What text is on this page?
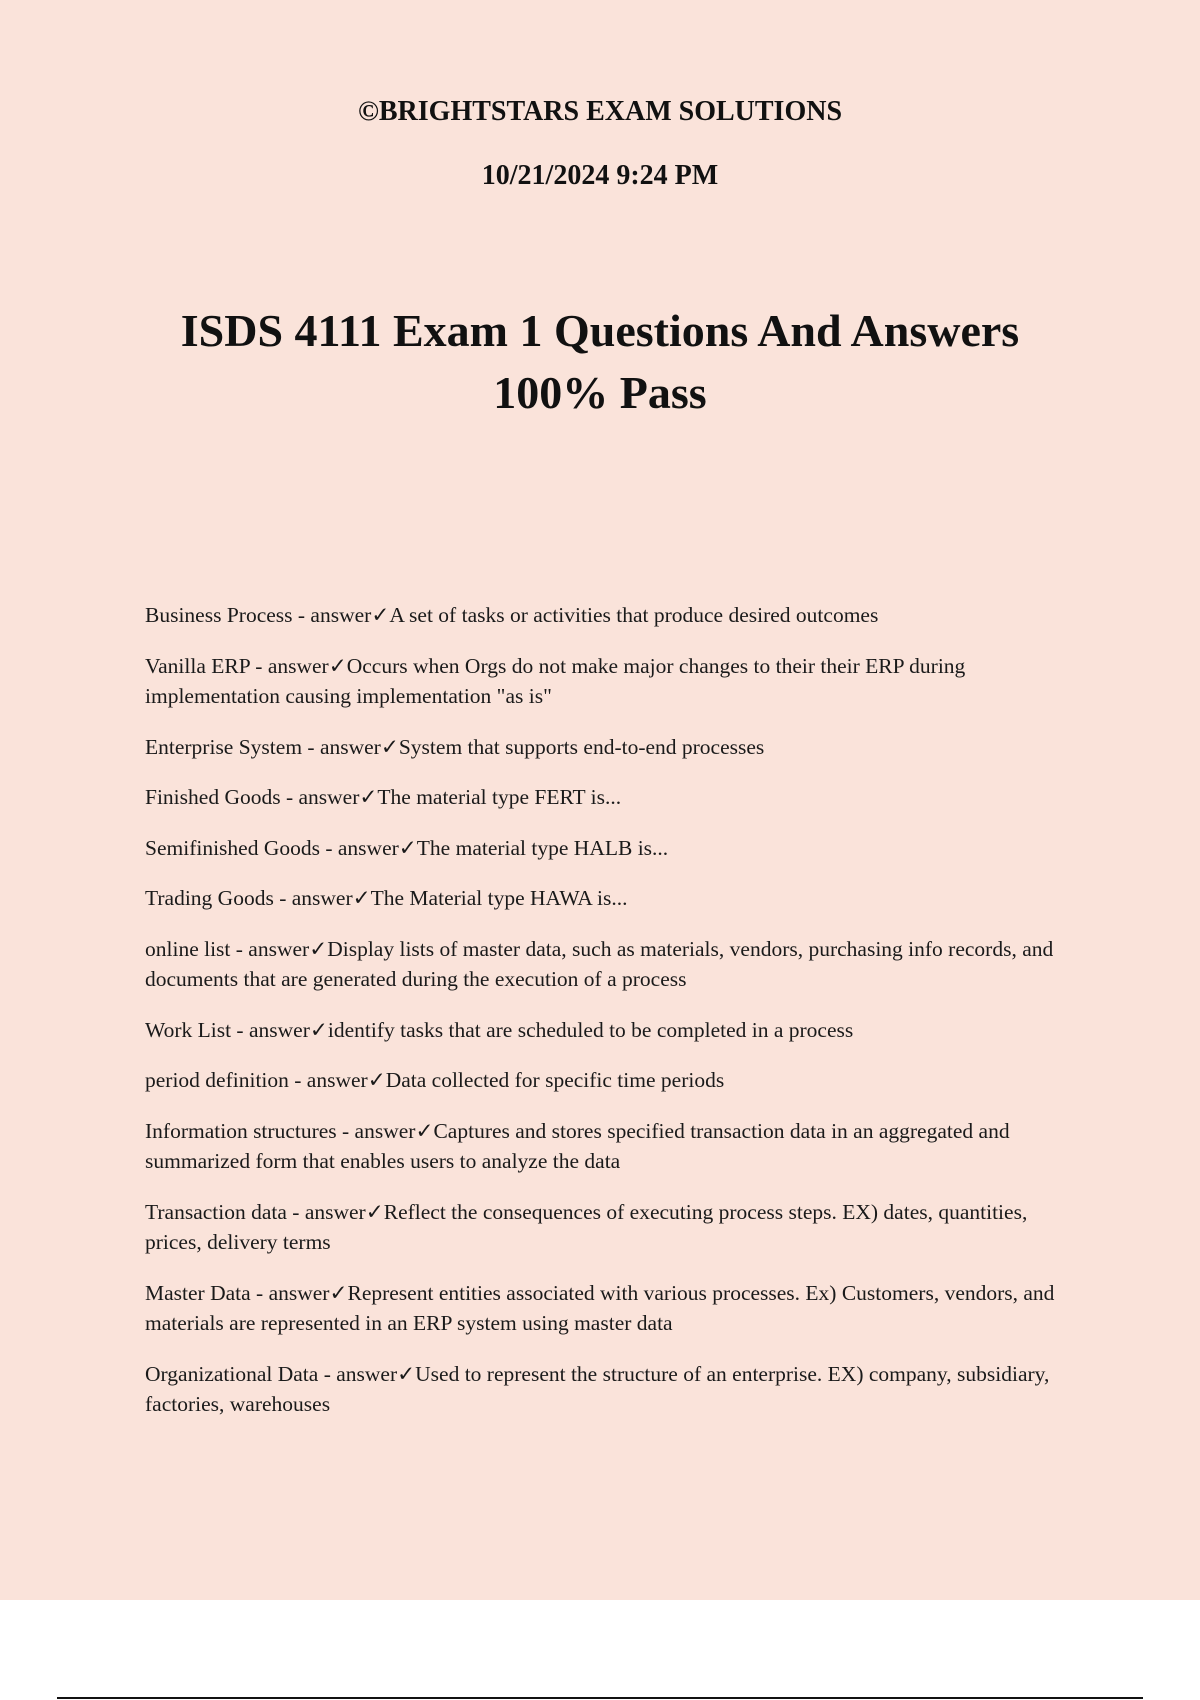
©BRIGHTSTARS EXAM SOLUTIONS
10/21/2024 9:24 PM
ISDS 4111 Exam 1 Questions And Answers
100% Pass
Business Process - answer✓A set of tasks or activities that produce desired outcomes
Vanilla ERP - answer✓Occurs when Orgs do not make major changes to their their ERP during implementation causing implementation "as is"
Enterprise System - answer✓System that supports end-to-end processes
Finished Goods - answer✓The material type FERT is...
Semifinished Goods - answer✓The material type HALB is...
Trading Goods - answer✓The Material type HAWA is...
online list - answer✓Display lists of master data, such as materials, vendors, purchasing info records, and documents that are generated during the execution of a process
Work List - answer✓identify tasks that are scheduled to be completed in a process
period definition - answer✓Data collected for specific time periods
Information structures - answer✓Captures and stores specified transaction data in an aggregated and summarized form that enables users to analyze the data
Transaction data - answer✓Reflect the consequences of executing process steps. EX) dates, quantities, prices, delivery terms
Master Data - answer✓Represent entities associated with various processes. Ex) Customers, vendors, and materials are represented in an ERP system using master data
Organizational Data - answer✓Used to represent the structure of an enterprise. EX) company, subsidiary, factories, warehouses
